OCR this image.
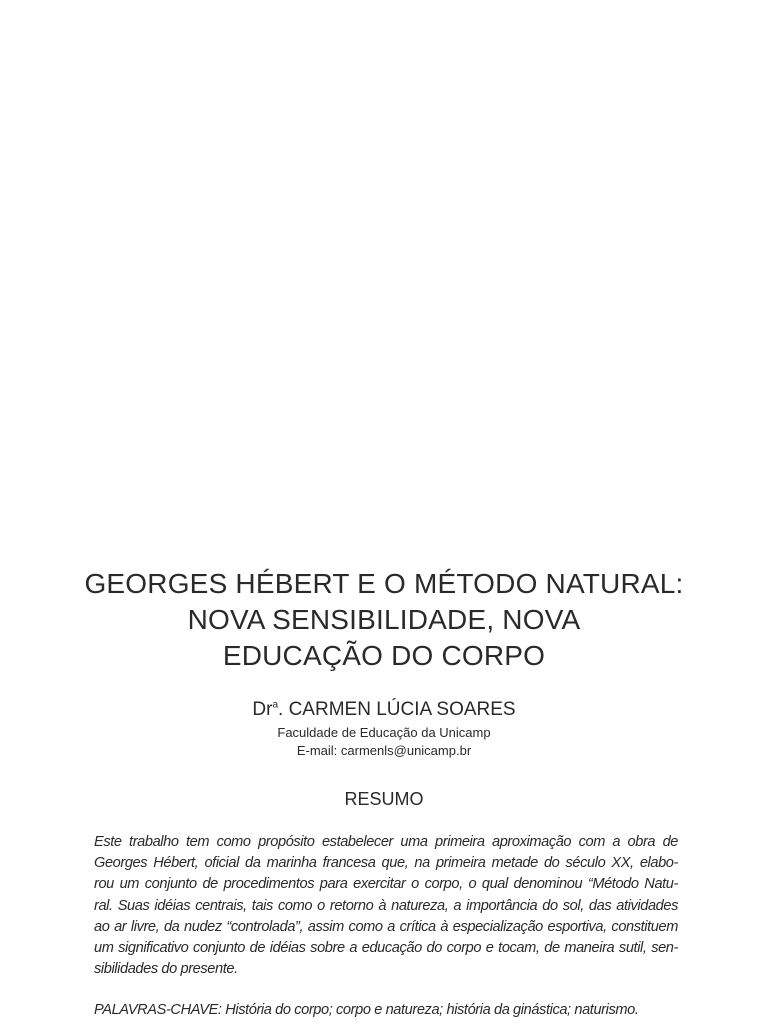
GEORGES HÉBERT E O MÉTODO NATURAL:
NOVA SENSIBILIDADE, NOVA
EDUCAÇÃO DO CORPO
Dr$^a$. CARMEN LÚCIA SOARES
Faculdade de Educação da Unicamp
E-mail: carmenls@unicamp.br
RESUMO
Este trabalho tem como propósito estabelecer uma primeira aproximação com a obra de
Georges Hébert, oficial da marinha francesa que, na primeira metade do século XX, elabo-
rou um conjunto de procedimentos para exercitar o corpo, o qual denominou “Método Natu-
ral. Suas idéias centrais, tais como o retorno à natureza, a importância do sol, das atividades
ao ar livre, da nudez “controlada”, assim como a crítica à especialização esportiva, constituem
um significativo conjunto de idéias sobre a educação do corpo e tocam, de maneira sutil, sen-
sibilidades do presente.
PALAVRAS-CHAVE: História do corpo; corpo e natureza; história da ginástica; naturismo.
